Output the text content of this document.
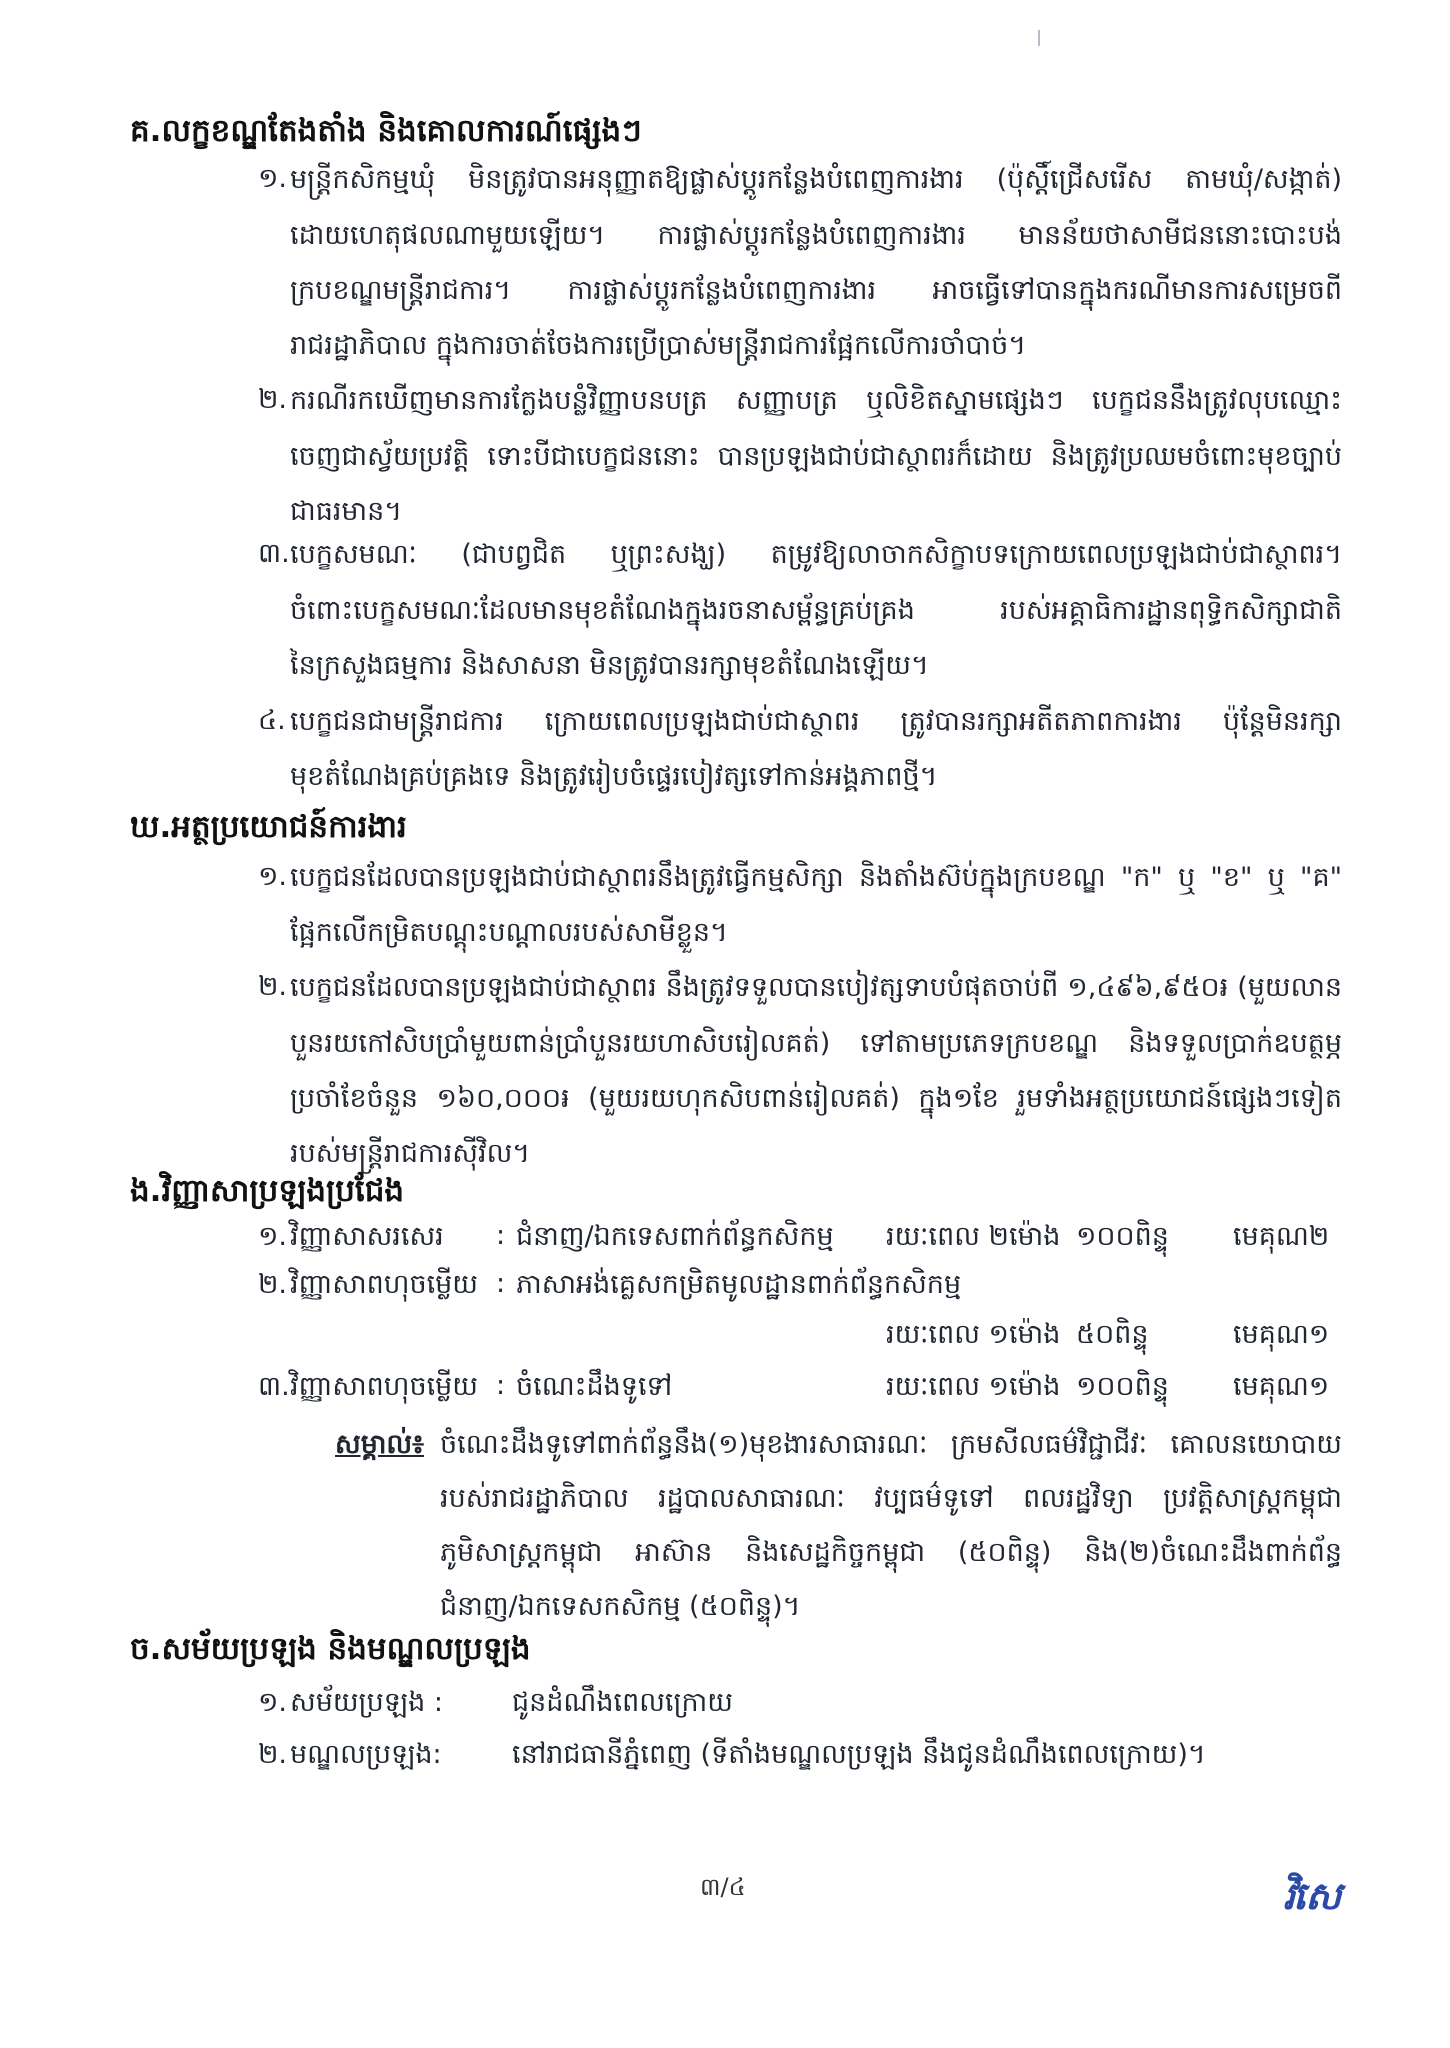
គ.លក្ខខណ្ឌតែងតាំង និងគោលការណ៍ផ្សេងៗ
១. មន្ត្រីកសិកម្មឃុំ មិនត្រូវបានអនុញ្ញាតឱ្យផ្លាស់ប្តូរកន្លែងបំពេញការងារ (ប៉ុស្តិ៍ជ្រើសរើស តាមឃុំ/សង្កាត់)
ដោយហេតុផលណាមួយឡើយ។ ការផ្លាស់ប្តូរកន្លែងបំពេញការងារ មានន័យថាសាមីជននោះបោះបង់
ក្របខណ្ឌមន្ត្រីរាជការ។ ការផ្លាស់ប្តូរកន្លែងបំពេញការងារ អាចធ្វើទៅបានក្នុងករណីមានការសម្រេចពី
រាជរដ្ឋាភិបាល ក្នុងការចាត់ចែងការប្រើប្រាស់មន្ត្រីរាជការផ្អែកលើការចាំបាច់។
២. ករណីរកឃើញមានការក្លែងបន្លំវិញ្ញាបនបត្រ សញ្ញាបត្រ ឬលិខិតស្នាមផ្សេងៗ បេក្ខជននឹងត្រូវលុបឈ្មោះ
ចេញជាស្វ័យប្រវត្តិ ទោះបីជាបេក្ខជននោះ បានប្រឡងជាប់ជាស្ថាពរក៏ដោយ និងត្រូវប្រឈមចំពោះមុខច្បាប់
ជាធរមាន។
៣. បេក្ខសមណៈ (ជាបព្វជិត ឬព្រះសង្ឃ) តម្រូវឱ្យលាចាកសិក្ខាបទក្រោយពេលប្រឡងជាប់ជាស្ថាពរ។
ចំពោះបេក្ខសមណៈដែលមានមុខតំណែងក្នុងរចនាសម្ព័ន្ធគ្រប់គ្រង របស់អគ្គាធិការដ្ឋានពុទ្ធិកសិក្សាជាតិ
នៃក្រសួងធម្មការ និងសាសនា មិនត្រូវបានរក្សាមុខតំណែងឡើយ។
៤. បេក្ខជនជាមន្ត្រីរាជការ ក្រោយពេលប្រឡងជាប់ជាស្ថាពរ ត្រូវបានរក្សាអតីតភាពការងារ ប៉ុន្តែមិនរក្សា
មុខតំណែងគ្រប់គ្រងទេ និងត្រូវរៀបចំផ្ទេរបៀវត្សទៅកាន់អង្គភាពថ្មី។
ឃ.អត្ថប្រយោជន៍ការងារ
១. បេក្ខជនដែលបានប្រឡងជាប់ជាស្ថាពរនឹងត្រូវធ្វើកម្មសិក្សា និងតាំងស៊ប់ក្នុងក្របខណ្ឌ "ក" ឬ "ខ" ឬ "គ"
ផ្អែកលើកម្រិតបណ្តុះបណ្តាលរបស់សាមីខ្លួន។
២. បេក្ខជនដែលបានប្រឡងជាប់ជាស្ថាពរ នឹងត្រូវទទួលបានបៀវត្សទាបបំផុតចាប់ពី ១,៤៩៦,៩៥០៛ (មួយលាន
បួនរយកៅសិបប្រាំមួយពាន់ប្រាំបួនរយហាសិបរៀលគត់) ទៅតាមប្រភេទក្របខណ្ឌ និងទទួលប្រាក់ឧបត្ថម្ភ
ប្រចាំខែចំនួន ១៦០,០០០៛ (មួយរយហុកសិបពាន់រៀលគត់) ក្នុង១ខែ រួមទាំងអត្ថប្រយោជន៍ផ្សេងៗទៀត
របស់មន្ត្រីរាជការស៊ីវិល។
ង.វិញ្ញាសាប្រឡងប្រជែង
១. វិញ្ញាសាសរសេរ : ជំនាញ/ឯកទេសពាក់ព័ន្ធកសិកម្ម រយៈពេល ២ម៉ោង ១០០ពិន្ទុ មេគុណ២
២. វិញ្ញាសាពហុចម្លើយ : ភាសាអង់គ្លេសកម្រិតមូលដ្ឋានពាក់ព័ន្ធកសិកម្ម
រយៈពេល ១ម៉ោង ៥០ពិន្ទុ	មេគុណ១
៣. វិញ្ញាសាពហុចម្លើយ : ចំណេះដឹងទូទៅ	រយៈពេល ១ម៉ោង ១០០ពិន្ទុ មេគុណ១
សម្គាល់៖ ចំណេះដឹងទូទៅពាក់ព័ន្ធនឹង(១)មុខងារសាធារណៈ ក្រមសីលធម៌វិជ្ជាជីវៈ គោលនយោបាយ
របស់រាជរដ្ឋាភិបាល រដ្ឋបាលសាធារណៈ វប្បធម៌ទូទៅ ពលរដ្ឋវិទ្យា ប្រវត្តិសាស្ត្រកម្ពុជា
ភូមិសាស្ត្រកម្ពុជា អាស៊ាន និងសេដ្ឋកិច្ចកម្ពុជា (៥០ពិន្ទុ) និង(២)ចំណេះដឹងពាក់ព័ន្ធ
ជំនាញ/ឯកទេសកសិកម្ម (៥០ពិន្ទុ)។
ច.សម័យប្រឡង និងមណ្ឌលប្រឡង
១. សម័យប្រឡង :	ជូនដំណឹងពេលក្រោយ
២. មណ្ឌលប្រឡង:	នៅរាជធានីភ្នំពេញ (ទីតាំងមណ្ឌលប្រឡង នឹងជូនដំណឹងពេលក្រោយ)។
៣/៤	វិសេ
